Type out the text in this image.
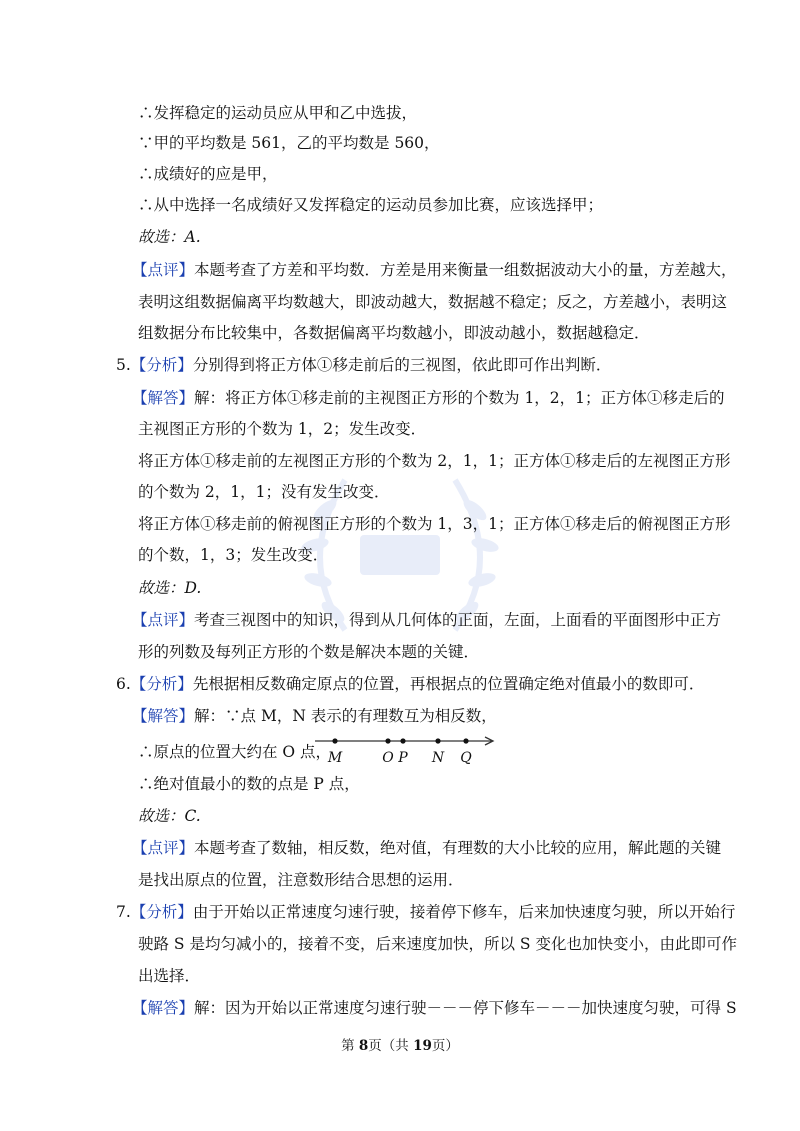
∴发挥稳定的运动员应从甲和乙中选拔，
∵甲的平均数是 561，乙的平均数是 560，
∴成绩好的应是甲，
∴从中选择一名成绩好又发挥稳定的运动员参加比赛，应该选择甲；
故选：A.
【点评】本题考查了方差和平均数．方差是用来衡量一组数据波动大小的量，方差越大，
表明这组数据偏离平均数越大，即波动越大，数据越不稳定；反之，方差越小，表明这
组数据分布比较集中，各数据偏离平均数越小，即波动越小，数据越稳定．
5.【分析】分别得到将正方体①移走前后的三视图，依此即可作出判断．
【解答】解：将正方体①移走前的主视图正方形的个数为 1，2，1；正方体①移走后的
主视图正方形的个数为 1，2；发生改变．
将正方体①移走前的左视图正方形的个数为 2，1，1；正方体①移走后的左视图正方形
的个数为 2，1，1；没有发生改变．
将正方体①移走前的俯视图正方形的个数为 1，3，1；正方体①移走后的俯视图正方形
的个数，1，3；发生改变．
故选：D.
【点评】考查三视图中的知识，得到从几何体的正面，左面，上面看的平面图形中正方
形的列数及每列正方形的个数是解决本题的关键．
6.【分析】先根据相反数确定原点的位置，再根据点的位置确定绝对值最小的数即可．
【解答】解：∵点 M，N 表示的有理数互为相反数，
∴原点的位置大约在 O 点，
M	O P N Q
∴绝对值最小的数的点是 P 点，
故选：C.
【点评】本题考查了数轴，相反数，绝对值，有理数的大小比较的应用，解此题的关键
是找出原点的位置，注意数形结合思想的运用．
7.【分析】由于开始以正常速度匀速行驶，接着停下修车，后来加快速度匀驶，所以开始行
驶路 S 是均匀减小的，接着不变，后来速度加快，所以 S 变化也加快变小，由此即可作
出选择．
【解答】解：因为开始以正常速度匀速行驶－－－停下修车－－－加快速度匀驶，可得 S
第 8页（共 19页）
